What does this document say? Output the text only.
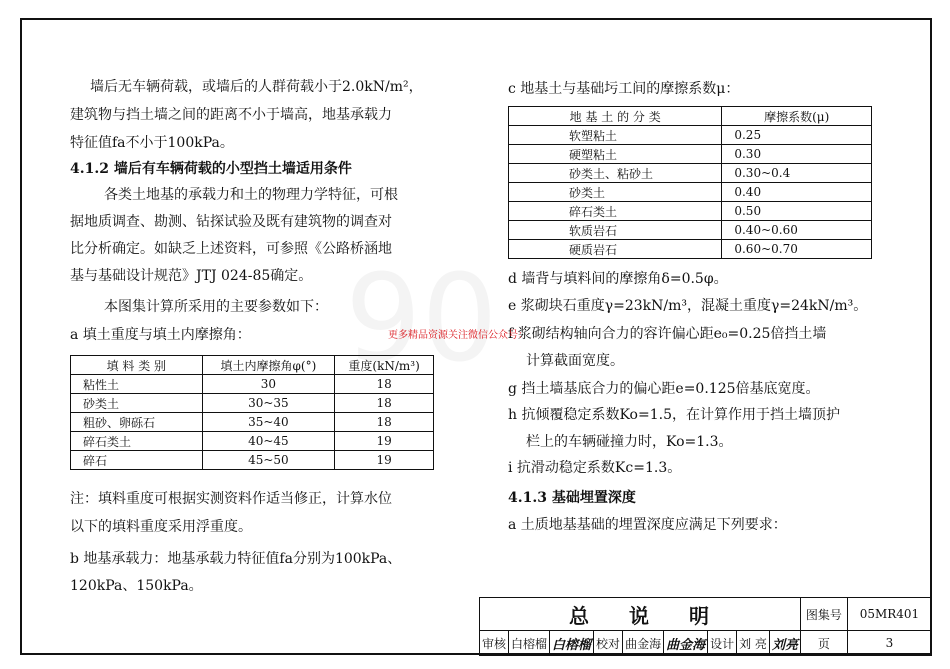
墙后无车辆荷载，或墙后的人群荷载小于2.0kN/m²，
建筑物与挡土墙之间的距离不小于墙高，地基承载力
特征值fa不小于100kPa。
4.1.2 墙后有车辆荷载的小型挡土墙适用条件
各类土地基的承载力和土的物理力学特征，可根
据地质调查、勘测、钻探试验及既有建筑物的调查对
比分析确定。如缺乏上述资料，可参照《公路桥涵地
基与基础设计规范》JTJ 024-85确定。
本图集计算所采用的主要参数如下：
a 填土重度与填土内摩擦角：
填 料 类 别	填土内摩擦角φ(°)	重度(kN/m³)
粘性土	30	18
砂类土	30~35	18
粗砂、卵砾石	35~40	18
碎石类土	40~45	19
碎石	45~50	19
注：填料重度可根据实测资料作适当修正，计算水位
以下的填料重度采用浮重度。
b 地基承载力：地基承载力特征值fa分别为100kPa、
120kPa、150kPa。
c 地基土与基础圬工间的摩擦系数μ：
地 基 土 的 分 类	摩擦系数(μ)
软塑粘土	0.25
硬塑粘土	0.30
砂类土、粘砂土	0.30~0.4
砂类土	0.40
碎石类土	0.50
软质岩石	0.40~0.60
硬质岩石	0.60~0.70
d 墙背与填料间的摩擦角δ=0.5φ。
e 浆砌块石重度γ=23kN/m³，混凝土重度γ=24kN/m³。
f 浆砌结构轴向合力的容许偏心距e₀=0.25倍挡土墙
计算截面宽度。
g 挡土墙基底合力的偏心距e=0.125倍基底宽度。
h 抗倾覆稳定系数Ko=1.5，在计算作用于挡土墙顶护
栏上的车辆碰撞力时，Ko=1.3。
i 抗滑动稳定系数Kc=1.3。
4.1.3 基础埋置深度
a 土质地基基础的埋置深度应满足下列要求：
更多精品资源关注微信公众号：
总说明									图集号	05MR401
审核	白榕榴	白榕榴	校对	曲金海	曲金海	设计	刘 亮	刘亮	页	3
